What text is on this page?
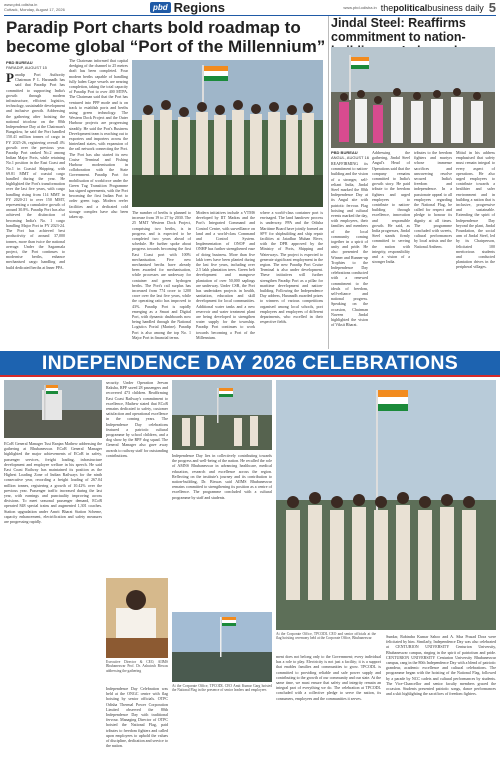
www.pbd.odisha.in
Cuttack, Monday, August 17, 2026	pbd Regions	www.pbd.odisha.in the political business daily 5
Paradip Port charts bold roadmap to become global “Port of the Millennium”
PBD BUREAU
PARADIP, AUGUST 15
Paradip Port Authority Chairman P L Haranadh has said that Paradip Port has committed to supporting India's growth through modern infrastructure, efficient logistics, technology, sustainable development and inclusive growth. Addressing the gathering after hoisting the national tricolour on the 80th Independence Day at the Chairman's Bungalow, he said the Port handled 150.41 million tonnes of cargo in FY 2025-26, registering overall 4% growth over the previous year. Paradip Port ranked No.2 among Indian Major Ports, while retaining No.1 position in the East Coast and No.1 in Coastal Shipping, with 69.81 MMT of coastal cargo handled during the year. He highlighted the Port's transformation over the last five years, with cargo handling rising from 114 MMT in FY 2020-21 to over 150 MMT, representing a cumulative growth of around 30.8%. Paradip Port has also achieved the distinction of becoming India's No. 1 cargo handling Major Port in FY 2023-24. The Port has achieved best productivity of around 37,000 tonnes, more than twice the national average. Under the Sagarmala project, the Port continues to modernise berths, enhance mechanised cargo handling and build dedicated berths at Inner PPA.
The Chairman informed that capital dredging of the channel to 25 metres draft has been completed. Four modern berths capable of handling fully laden Cape vessels are nearing completion, taking the total capacity of Paradip Port to over 400 MTPA. The Chairman said that the Port has ventured into PPP mode and is on track to establish ports and berths using green technology. The Western Dock Project and the Outer Harbour projects are progressing steadily. He said the Port's Business Development team is reaching out to exporters and importers across the hinterland states, with expansion of the rail network connecting the Port. The Port has also started its new Cruise Terminal and Fishing Harbour modernisation in collaboration with the State Government. Paradip Port for mobilisation of workforce under the Green Tug Transition Programme has signed agreements, with the Port becoming the first Indian Port to order green tugs. Modern reefer facilities and a dedicated cold storage complex have also been taken up.
The number of berths is planned to increase from 19 to 27 by 2030. The 25 MMT Western Dock Project, comprising two berths, is in progress and is expected to be completed two years ahead of schedule. He further spoke about progress towards becoming the first East Coast port with 100% mechanisation. Five new mechanised berths have already been awarded for mechanisation, while processes are underway for container and green hydrogen berths. The Port's rail surplus has increased from 774 crore to 1200 crore over the last five years, while the operating ratio has improved to 43%. Paradip Port is rapidly emerging as a Smart and Digital Port, with dynamic dashboards now being handled through the National Logistics Portal (Marine). Paradip Port is also among the top No. 1 Major Port in financial terms.
Modern initiatives include a VTMS developed by IIT Madras and the Port's Integrated Command and Control Centre, with surveillance on land and a world-class Command and Control System. Implementation of ONOP and ONHP has further strengthened ease of doing business. More than five lakh trees have been planted during the last five years, including over 2.5 lakh plantation trees. Green belt development and mangrove plantation of over 50,000 saplings are underway. Under CSR, the Port has undertaken projects in health, sanitation, education and skill development for local communities. Additional water tanks and a new reservoir and water treatment plant are being developed to strengthen water supply for the township. Paradip Port continues to work towards becoming a Port of the Millennium.
where a world-class container port is envisaged. The land handover process is underway. PPA and the Odisha Maritime Board have jointly formed an SPV for shipbuilding and ship repair facilities at Jatadhar Muhan River, with the DPR approved by the Ministry of Ports, Shipping and Waterways. The project is expected to generate significant employment in the region. The new Paradip Port Cruise Terminal is also under development. These initiatives will further strengthen Paradip Port as a pillar for maritime development and nation-building. Following the Independence Day address, Haranadh awarded prizes to winners of various competitions organised among local schools, port employees and employees of different departments, who excelled in their respective fields.
Jindal Steel: Reaffirms commitment to nation-
PBD BUREAU
ANGUL, AUGUST 16
REAFFIRMING its commitment to nation-building and the vision of a stronger, self-reliant India, Jindal Steel marked the 80th Independence Day at its Angul site with patriotic fervour. Flag hoisting and cultural events marked the day, with employees, their families and members of the local community coming together in a spirit of unity and pride. He also presented the Winner and Runner-up Trophies to the Independence Day celebrations conducted with a renewed commitment to the ideals of freedom, self-reliance and national progress. Speaking on the occasion, Chairman Naveen Jindal highlighted the vision of Viksit Bharat.
Addressing the gathering, Jindal Steel Angul's Head of Operations said that the company remains committed to India's growth story. He paid tribute to the freedom fighters and urged employees to contribute to nation-building through excellence, innovation and responsible growth. He said, as India progresses, Jindal Steel stands firmly committed to serving the nation with integrity, responsibility and a vision of a stronger India.
tributes to the freedom fighters and martyrs whose immense sacrifices and unwavering resolve secured India's freedom and independence. In a passionate appeal to all employees regarding the National Flag, he called for respect and pledge to honour its dignity at all times. The programme concluded with sweets, cultural performances by local artists and the National Anthem.
Mittal in his address emphasised that safety must remain integral to every aspect of operations. He also urged employees to contribute towards a healthier and safer environment and in building a nation that is inclusive, progressive and sustainable. Extending the spirit of Independence Day beyond the plant, Jindal Foundation, the social arm of Jindal Steel, led by its Chairperson, felicitated 100 meritorious students and conducted plantation drives in the peripheral villages.
INDEPENDENCE DAY 2026 CELEBRATIONS
ECoR General Manager Tusi Ranjan Mathew addressing the gathering at Bhubaneswar. ECoR General Manager highlighted the major achievements of ECoR in safety, passenger services, freight loading, infrastructure development and employee welfare in his speech. He said East Coast Railway has maintained its position as the Highest Loading Zone of Indian Railways for the ninth consecutive year, recording a freight loading of 267.04 million tonnes, registering a growth of 10.42% over the previous year. Passenger traffic increased during the last year, with earnings and punctuality improving across divisions. To meet seasonal passenger demand, ECoR operated 848 special trains and augmented 1,301 coaches. Station upgradation under Amrit Bharat Station Scheme, capacity enhancement, electrification and safety measures are progressing rapidly.
security. Under Operation Jeevan Raksha, RPF saved 28 passengers and recovered 473 children. Reaffirming East Coast Railway's commitment to excellence, Mathew stated that ECoR remains dedicated to safety, customer satisfaction and operational excellence in the coming years. The Independence Day celebrations featured a patriotic cultural programme by school children, and a dog show by the RPF dog squad. The General Manager also gave away awards to railway staff for outstanding contributions.
Executive Director & CEO, AIIMS Bhubaneswar Prof. Dr. Ashutosh Biswas addressing the gathering
Independence Day Celebration was held at the ONGC centre with flag hoisting by senior officials. OTPC Odisha Thermal Power Corporation Limited observed the 80th Independence Day with traditional fervour. Managing Director of OTPC hoisted the National Flag, paid tributes to freedom fighters and called upon employees to uphold the values of discipline, dedication and service to the nation.
Independence Day lies in collectively contributing towards the progress and well-being of the nation. He recalled the role of AMNS Bhubaneswar in advancing healthcare, medical education, research and excellence across the region. Reflecting on the institute's journey and its contribution to nation-building, Dr. Biswas said AIIMS Bhubaneswar remains committed to strengthening its position as a centre of excellence. The programme concluded with a cultural programme by staff and students.
At the Corporate Office, TPCODL CEO Amit Kumar Garg hoisted the National Flag in the presence of senior leaders and employees
At the Corporate Office, TPCODL CEO and senior officials at the flag hoisting ceremony held at the Corporate Office, Bhubaneswar
ment does not belong only to the Government; every individual has a role to play. Electricity is not just a facility; it is a support that enables families and communities to grow. TPCODL is committed to providing reliable and safe power supply and contributing to the growth of our community and our state. At the same time, we must ensure that safety and integrity remain an integral part of everything we do. The celebration at TPCODL concluded with a collective pledge to serve the nation, its consumers, employees and the communities it serves.
Sundar, Rabindra Kumar Sahoo and A. Siba Prasad Dora were felicitated by him. Similarly, Independence Day was also celebrated at CENTURION UNIVERSITY Centurion University, Bhubaneswar campus, ringing in the spirit of patriotism and pride. CENTURION UNIVERSITY Centurion University Bhubaneswar campus, rang in the 80th Independence Day with a blend of patriotic grandeur, academic excellence and cultural celebrations. The programme began with the hoisting of the National Flag, followed by a parade by NCC cadets and cultural performances by students. The Vice-Chancellor and senior faculty members graced the occasion. Students presented patriotic songs, dance performances and a skit highlighting the sacrifices of freedom fighters.
